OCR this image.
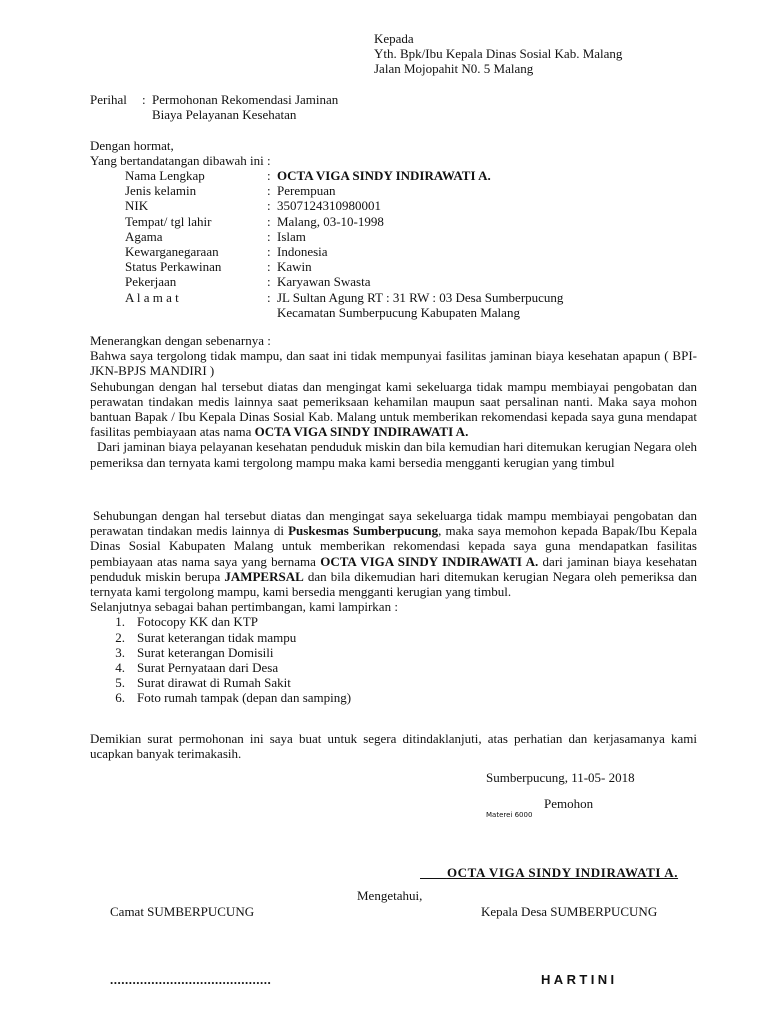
Kepada
Yth. Bpk/Ibu Kepala Dinas Sosial Kab. Malang
Jalan Mojopahit N0. 5 Malang
Perihal : Permohonan Rekomendasi Jaminan
Biaya Pelayanan Kesehatan
Dengan hormat,
Yang bertandatangan dibawah ini :
Nama Lengkap	: OCTA VIGA SINDY INDIRAWATI A.
Jenis kelamin	: Perempuan
NIK	: 3507124310980001
Tempat/ tgl lahir	: Malang, 03-10-1998
Agama	: Islam
Kewarganegaraan	: Indonesia
Status Perkawinan	: Kawin
Pekerjaan	: Karyawan Swasta
A l a m a t	: JL Sultan Agung RT : 31 RW : 03 Desa Sumberpucung
Kecamatan Sumberpucung Kabupaten Malang
Menerangkan dengan sebenarnya :
Bahwa saya tergolong tidak mampu, dan saat ini tidak mempunyai fasilitas jaminan biaya kesehatan apapun ( BPI-JKN-BPJS MANDIRI )
Sehubungan dengan hal tersebut diatas dan mengingat kami sekeluarga tidak mampu membiayai pengobatan dan perawatan tindakan medis lainnya saat pemeriksaan kehamilan maupun saat persalinan nanti. Maka saya mohon bantuan Bapak / Ibu Kepala Dinas Sosial Kab. Malang untuk memberikan rekomendasi kepada saya guna mendapat fasilitas pembiayaan atas nama OCTA VIGA SINDY INDIRAWATI A.
Dari jaminan biaya pelayanan kesehatan penduduk miskin dan bila kemudian hari ditemukan kerugian Negara oleh pemeriksa dan ternyata kami tergolong mampu maka kami bersedia mengganti kerugian yang timbul
Sehubungan dengan hal tersebut diatas dan mengingat saya sekeluarga tidak mampu membiayai pengobatan dan perawatan tindakan medis lainnya di Puskesmas Sumberpucung, maka saya memohon kepada Bapak/Ibu Kepala Dinas Sosial Kabupaten Malang untuk memberikan rekomendasi kepada saya guna mendapatkan fasilitas pembiayaan atas nama saya yang bernama OCTA VIGA SINDY INDIRAWATI A. dari jaminan biaya kesehatan penduduk miskin berupa JAMPERSAL dan bila dikemudian hari ditemukan kerugian Negara oleh pemeriksa dan ternyata kami tergolong mampu, kami bersedia mengganti kerugian yang timbul.
Selanjutnya sebagai bahan pertimbangan, kami lampirkan :
1. Fotocopy KK dan KTP
2. Surat keterangan tidak mampu
3. Surat keterangan Domisili
4. Surat Pernyataan dari Desa
5. Surat dirawat di Rumah Sakit
6. Foto rumah tampak (depan dan samping)
Demikian surat permohonan ini saya buat untuk segera ditindaklanjuti, atas perhatian dan kerjasamanya kami ucapkan banyak terimakasih.
Sumberpucung, 11-05- 2018
Pemohon
Materei 6000
OCTA VIGA SINDY INDIRAWATI A.
Mengetahui,
Camat SUMBERPUCUNG	Kepala Desa SUMBERPUCUNG
...........................................	HARTINI
